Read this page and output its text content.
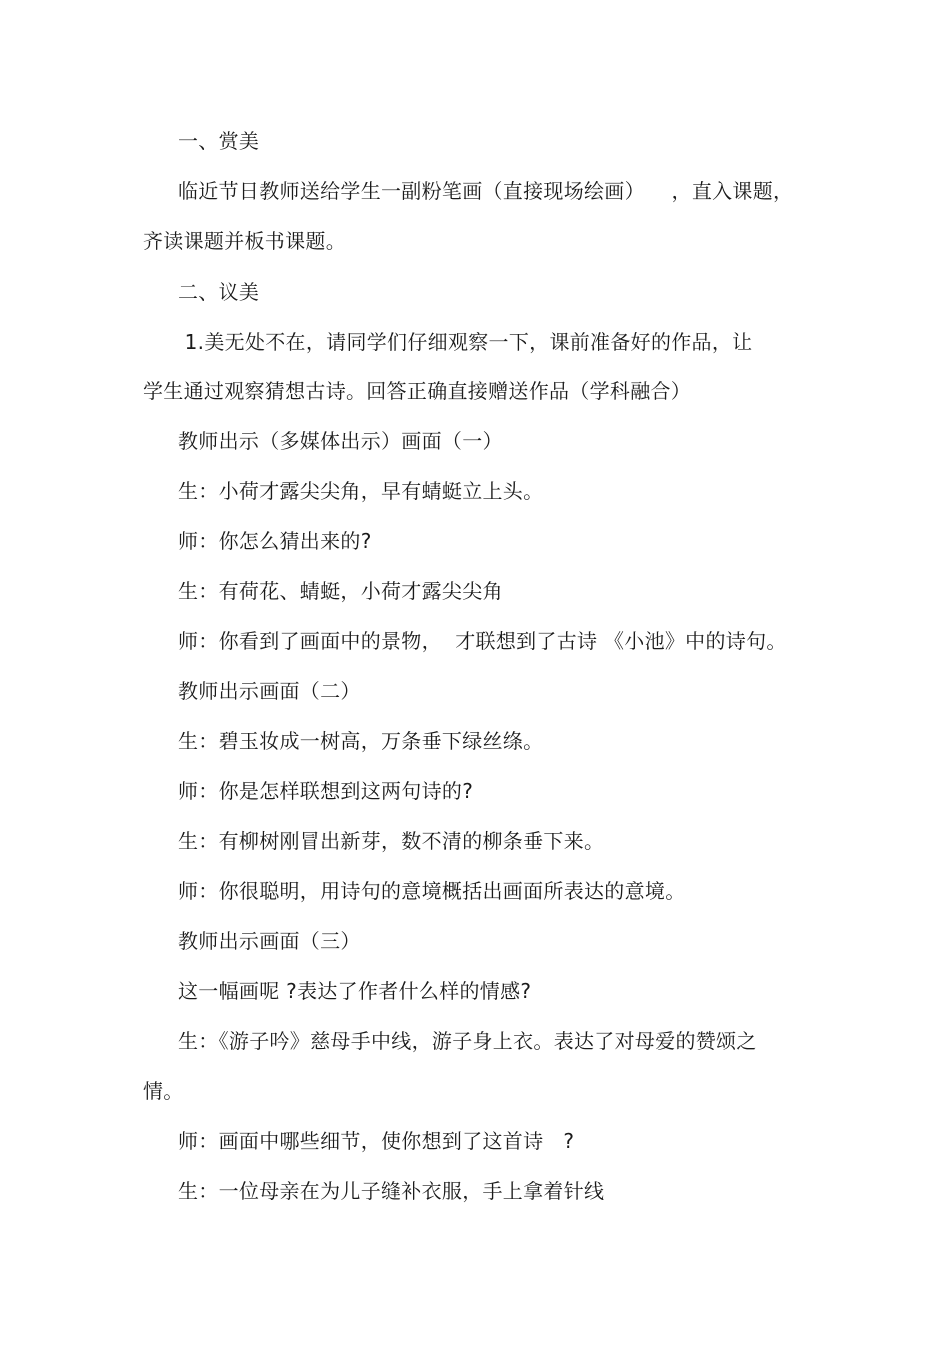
一、赏美
临近节日教师送给学生一副粉笔画（直接现场绘画）    ，直入课题，
齐读课题并板书课题。
二、议美
1.美无处不在，请同学们仔细观察一下，课前准备好的作品，让
学生通过观察猜想古诗。回答正确直接赠送作品（学科融合）
教师出示（多媒体出示）画面（一）
生：小荷才露尖尖角，早有蜻蜓立上头。
师：你怎么猜出来的?
生：有荷花、蜻蜓，小荷才露尖尖角
师：你看到了画面中的景物，  才联想到了古诗 《小池》中的诗句。
教师出示画面（二）
生：碧玉妆成一树高，万条垂下绿丝绦。
师：你是怎样联想到这两句诗的?
生：有柳树刚冒出新芽，数不清的柳条垂下来。
师：你很聪明，用诗句的意境概括出画面所表达的意境。
教师出示画面（三）
这一幅画呢 ?表达了作者什么样的情感?
生：《游子吟》慈母手中线，游子身上衣。表达了对母爱的赞颂之
情。
师：画面中哪些细节，使你想到了这首诗   ?
生：一位母亲在为儿子缝补衣服，手上拿着针线
